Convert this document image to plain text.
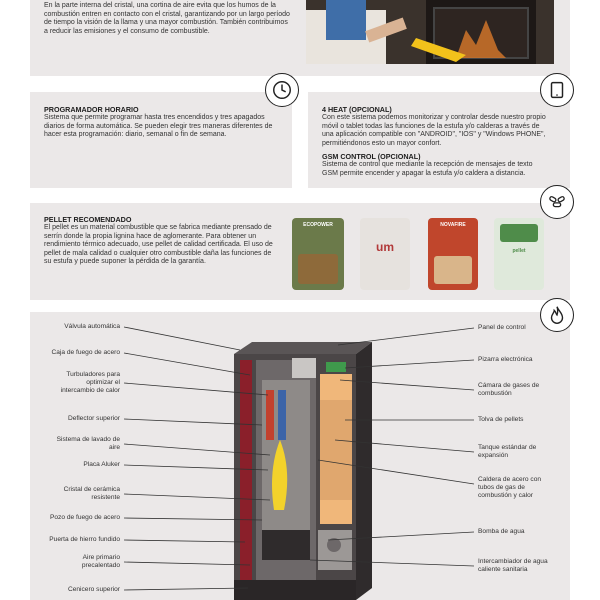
En la parte interna del cristal, una cortina de aire evita que los humos de la combustión entren en contacto con el cristal, garantizando por un largo período de tiempo la visión de la llama y una mayor combustión. También contribuimos a reducir las emisiones y el consumo de combustible.

PROGRAMADOR HORARIO

Sistema que permite programar hasta tres encendidos y tres apagados diarios de forma automática. Se pueden elegir tres maneras diferentes de hacer esta programación: diario, semanal o fin de semana.

4 HEAT (OPCIONAL)

Con este sistema podemos monitorizar y controlar desde nuestro propio móvil o tablet todas las funciones de la estufa y/o calderas a través de una aplicación compatible con "ANDROID", "IOS" y "Windows PHONE", permitiéndonos esto un mayor confort.

GSM CONTROL (OPCIONAL)

Sistema de control que mediante la recepción de mensajes de texto GSM permite encender y apagar la estufa y/o caldera a distancia.

PELLET RECOMENDADO

El pellet es un material combustible que se fabrica mediante prensado de serrín donde la propia lignina hace de aglomerante. Para obtener un rendimiento térmico adecuado, use pellet de calidad certificada. El uso de pellet de mala calidad o cualquier otro combustible daña las funciones de su estufa y puede suponer la pérdida de la garantía.

ECOPOWER
um
NOVAFIRE
pellet
Válvula automática
Caja de fuego de acero
Turbuladores para optimizar el intercambio de calor
Deflector superior
Sistema de lavado de aire
Placa Aluker
Cristal de cerámica resistente
Pozo de fuego de acero
Puerta de hierro fundido
Aire primario precalentado
Cenicero superior
Panel de control
Pizarra electrónica
Cámara de gases de combustión
Tolva de pellets
Tanque estándar de expansión
Caldera de acero con tubos de gas de combustión y calor
Bomba de agua
Intercambiador de agua caliente sanitaria
